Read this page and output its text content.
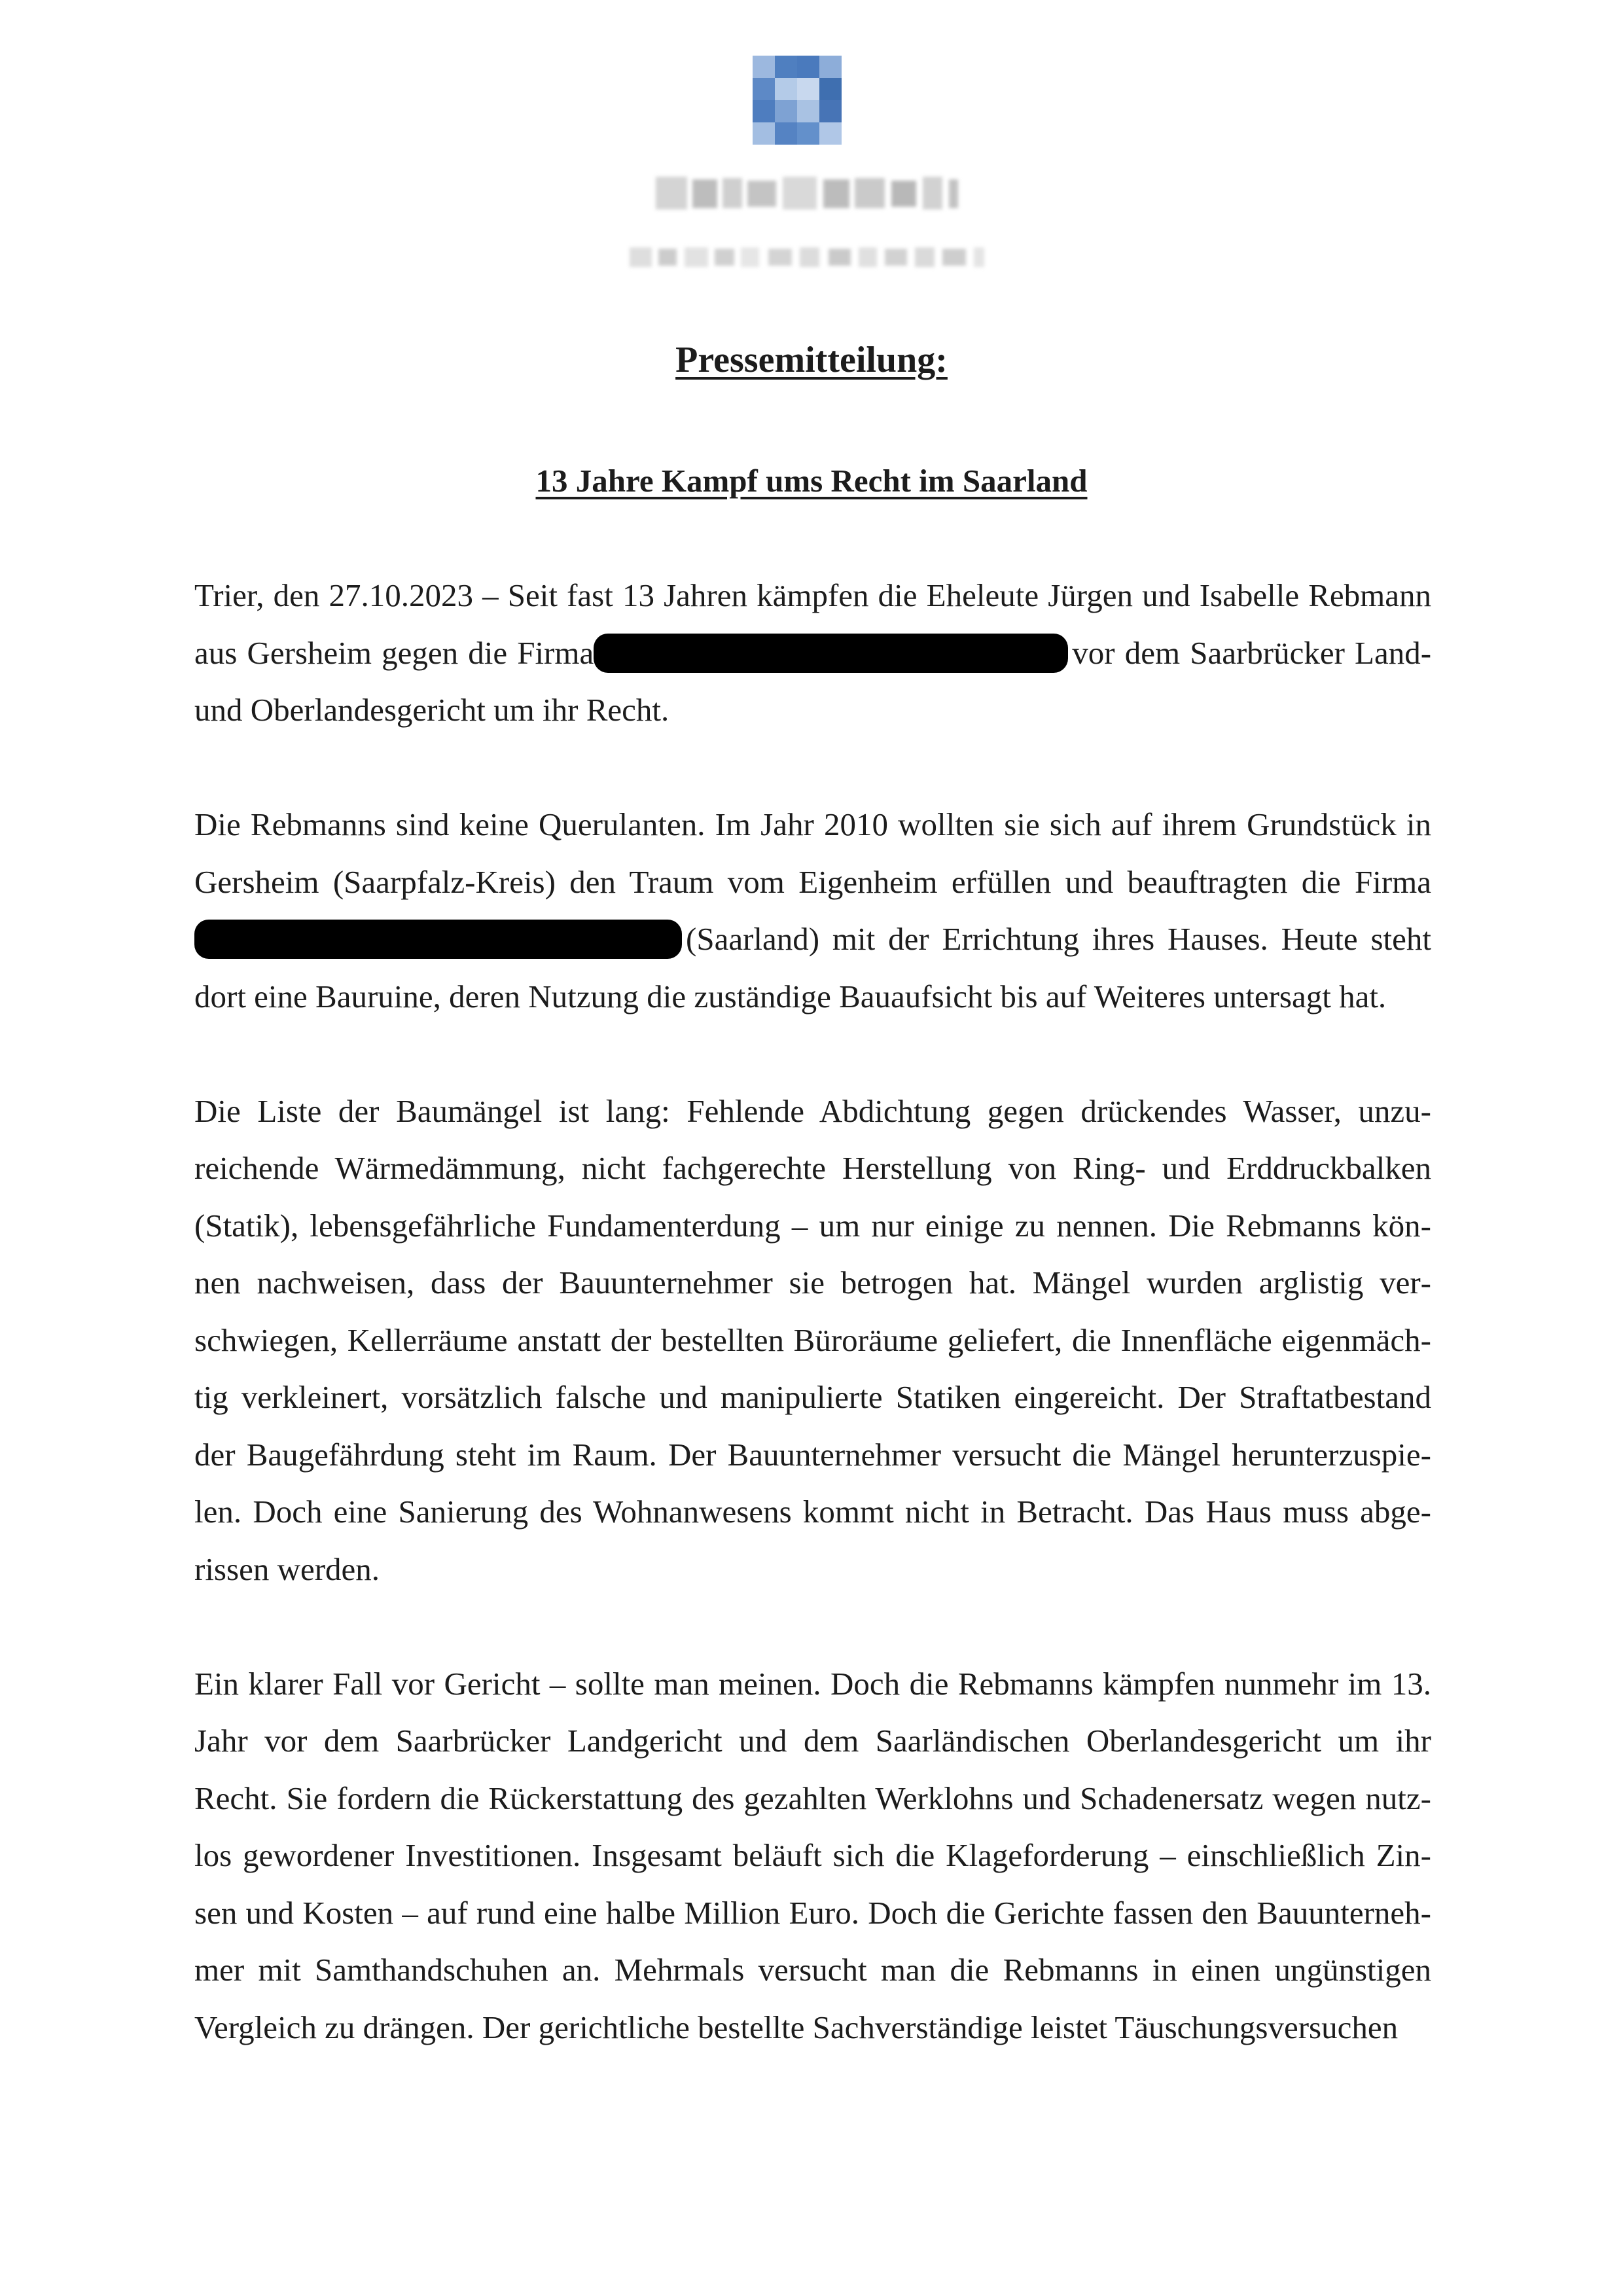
Pressemitteilung:
13 Jahre Kampf ums Recht im Saarland

Trier, den 27.10.2023 – Seit fast 13 Jahren kämpfen die Eheleute Jürgen und Isabelle Rebmann aus Gersheim gegen die Firma	vor dem Saarbrücker Land- und Oberlandesgericht um ihr Recht.

Die Rebmanns sind keine Querulanten. Im Jahr 2010 wollten sie sich auf ihrem Grundstück in Gersheim (Saarpfalz-Kreis) den Traum vom Eigenheim erfüllen und beauftragten die Firma (Saarland) mit der Errichtung ihres Hauses. Heute steht dort eine Bauruine, deren Nutzung die zuständige Bauaufsicht bis auf Weiteres untersagt hat.

Die Liste der Baumängel ist lang: Fehlende Abdichtung gegen drückendes Wasser, unzureichende Wärmedämmung, nicht fachgerechte Herstellung von Ring- und Erddruckbalken (Statik), lebensgefährliche Fundamenterdung – um nur einige zu nennen. Die Rebmanns können nachweisen, dass der Bauunternehmer sie betrogen hat. Mängel wurden arglistig verschwiegen, Kellerräume anstatt der bestellten Büroräume geliefert, die Innenfläche eigenmächtig verkleinert, vorsätzlich falsche und manipulierte Statiken eingereicht. Der Straftatbestand der Baugefährdung steht im Raum. Der Bauunternehmer versucht die Mängel herunterzuspielen. Doch eine Sanierung des Wohnanwesens kommt nicht in Betracht. Das Haus muss abgerissen werden.

Ein klarer Fall vor Gericht – sollte man meinen. Doch die Rebmanns kämpfen nunmehr im 13. Jahr vor dem Saarbrücker Landgericht und dem Saarländischen Oberlandesgericht um ihr Recht. Sie fordern die Rückerstattung des gezahlten Werklohns und Schadenersatz wegen nutzlos gewordener Investitionen. Insgesamt beläuft sich die Klageforderung – einschließlich Zinsen und Kosten – auf rund eine halbe Million Euro. Doch die Gerichte fassen den Bauunternehmer mit Samthandschuhen an. Mehrmals versucht man die Rebmanns in einen ungünstigen Vergleich zu drängen. Der gerichtliche bestellte Sachverständige leistet Täuschungsversuchen
